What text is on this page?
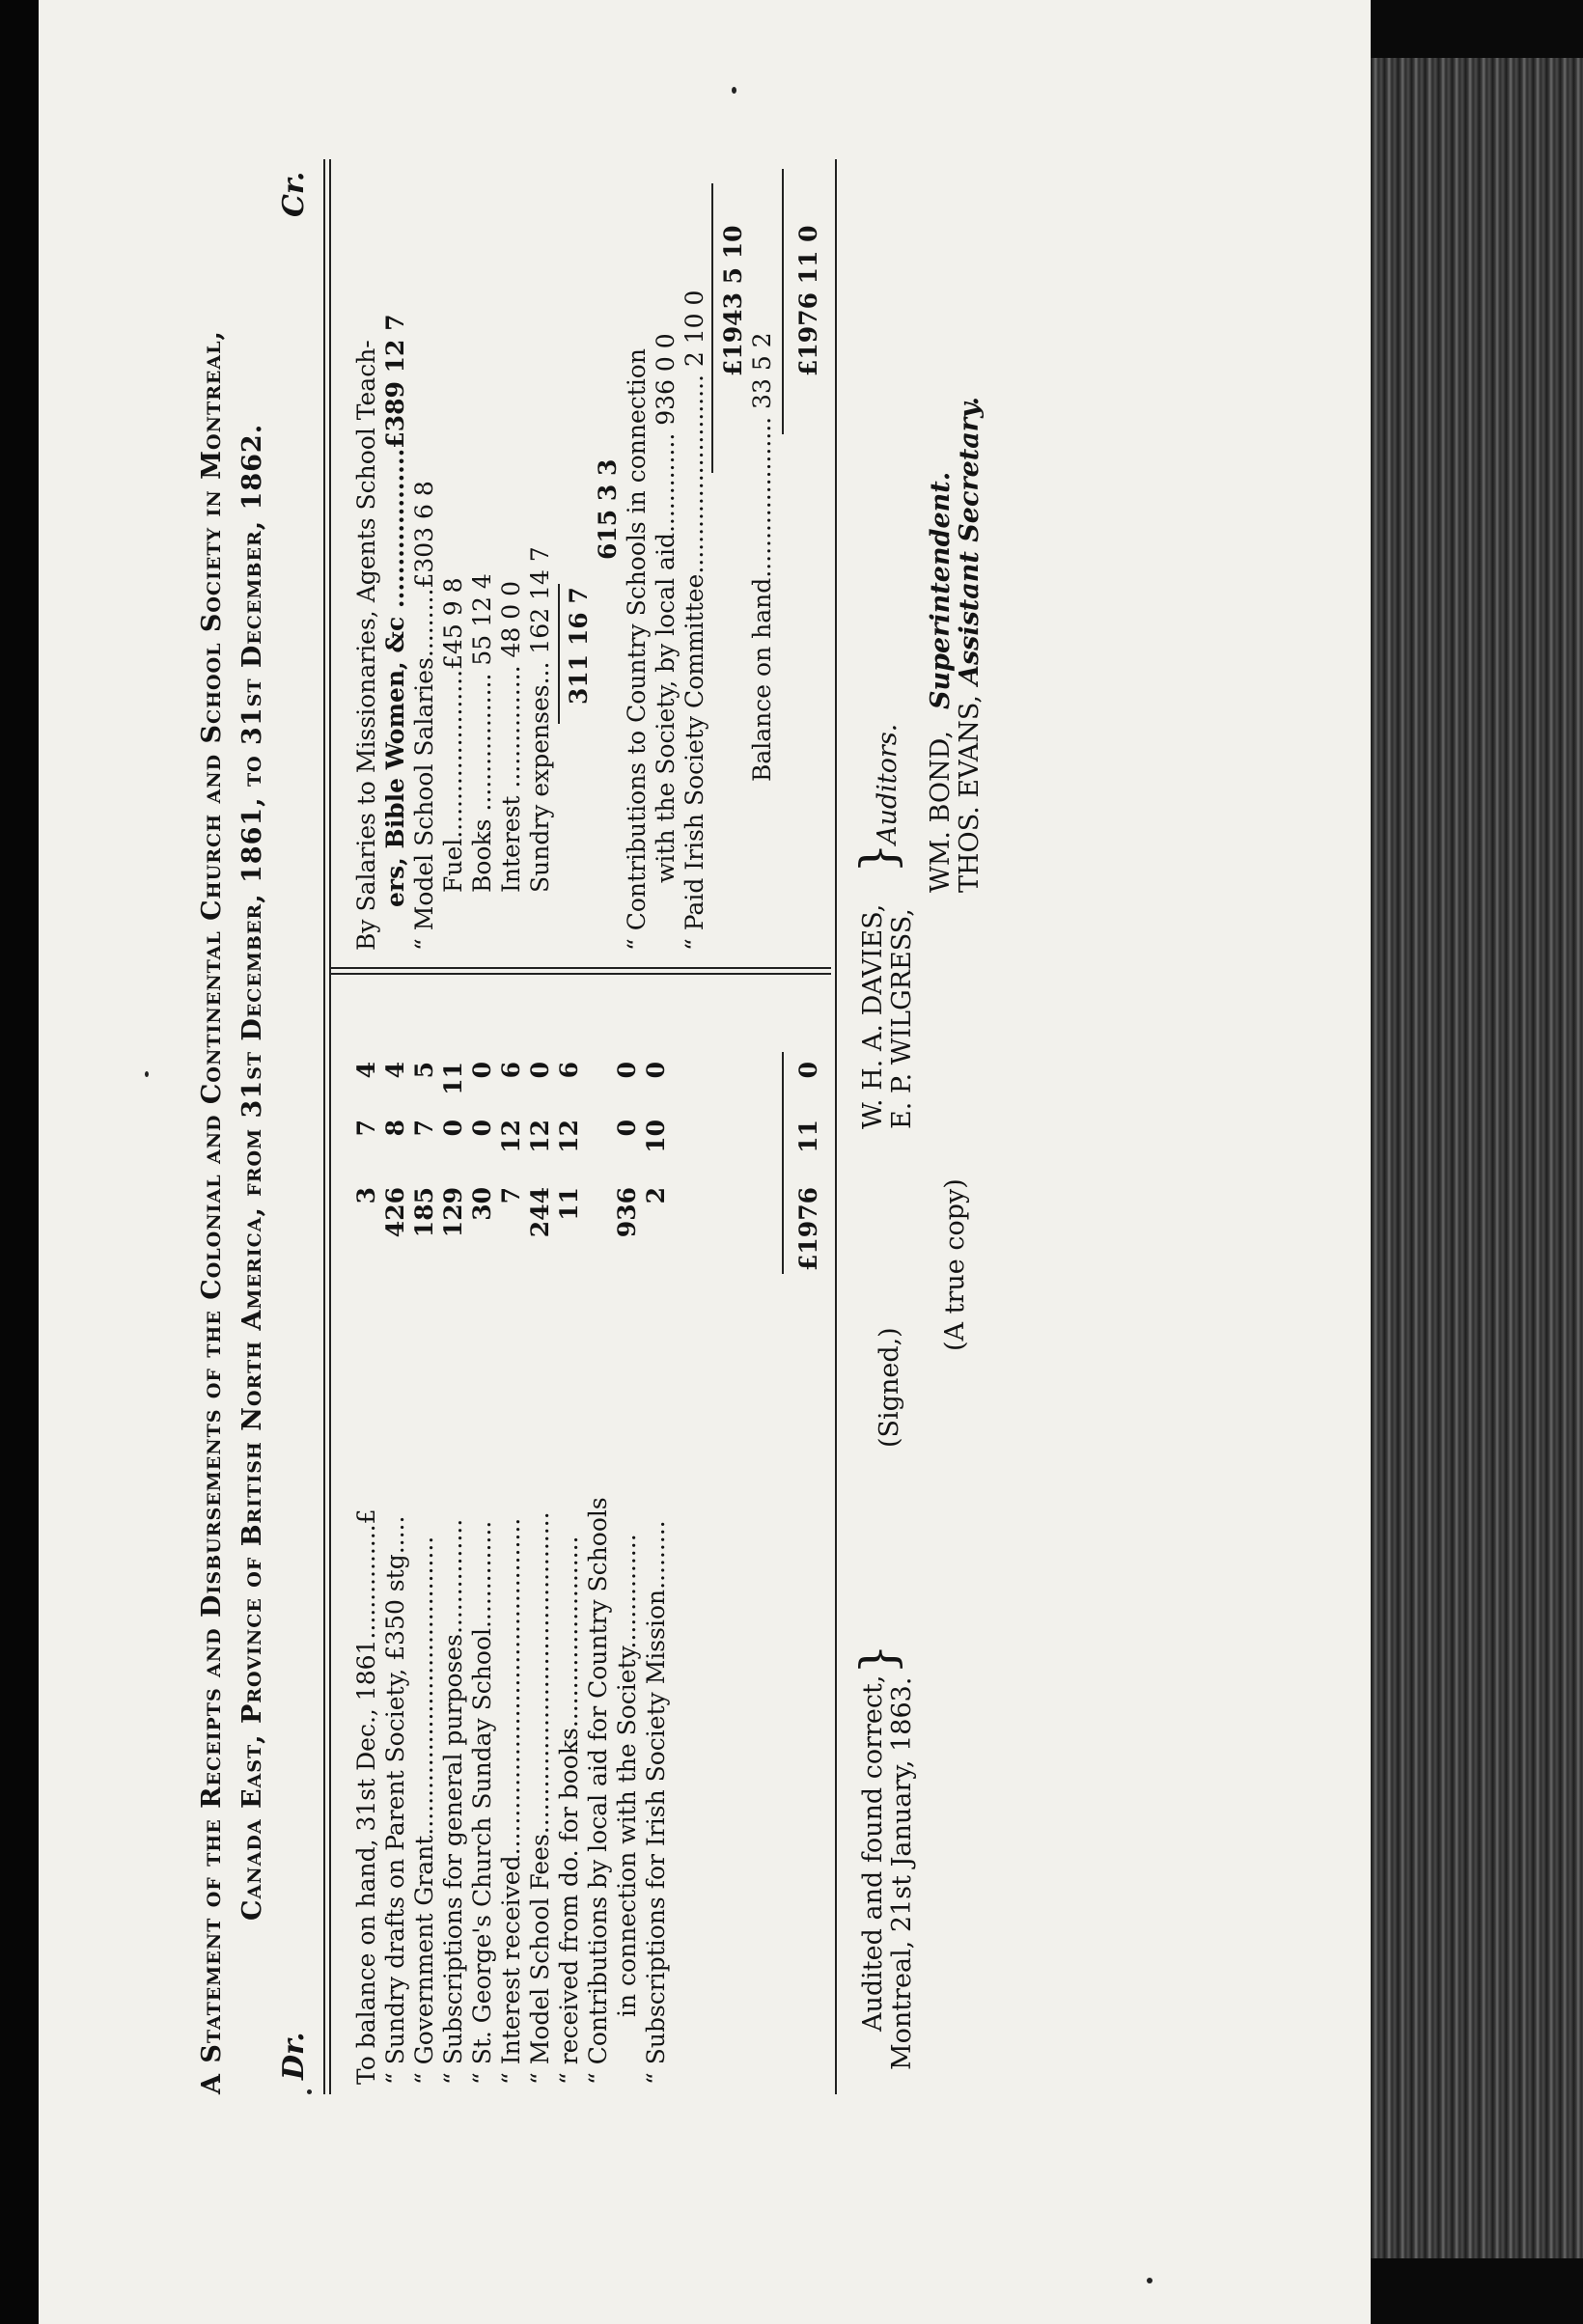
A Statement of the Receipts and Disbursements of the Colonial and Continental Church and School Society in Montreal, Canada East, Province of British North America, from 31st December, 1861, to 31st December, 1862.
Dr.
Cr.
To balance on hand, 31st Dec., 1861...............£
3
7
4
“ Sundry drafts on Parent Society, £350 stg.....
426
8
4
“ Government Grant.......................................
185
7
5
“ Subscriptions for general purposes...............
129
0
11
“ St. George's Church Sunday School..............
30
0
0
“ Interest received............................................
7
12
6
“ Model School Fees..........................................
244
12
0
“ received from do. for books.........................
11
12
6
“ Contributions by local aid for Country Schools in connection with the Society...............
936
0
0
“ Subscriptions for Irish Society Mission.........
2
10
0
£1976
11
0
By Salaries to Missionaries, Agents School Teach- ers, Bible Women, &c ...................£389 12 7 “ Model School Salaries.........£303 6 8 Fuel......................£45 9 8 Books .................. 55 12 4 Interest ................ 48 0 0 Sundry expenses... 162 14 7 311 16 7
615 3 3 “ Contributions to Country Schools in connection with the Society, by local aid............. 936 0 0 “ Paid Irish Society Committee.......................... 2 10 0 £1943 5 10
Balance on hand..................... 33 5 2
£1976 11 0
Audited and found correct, Montreal, 21st January, 1863.
}
(Signed,)
W. H. A. DAVIES, E. P. WILGRESS,
}
Auditors.
(A true copy)
WM. BOND,
Superintendent.
THOS. EVANS,
Assistant Secretary.
